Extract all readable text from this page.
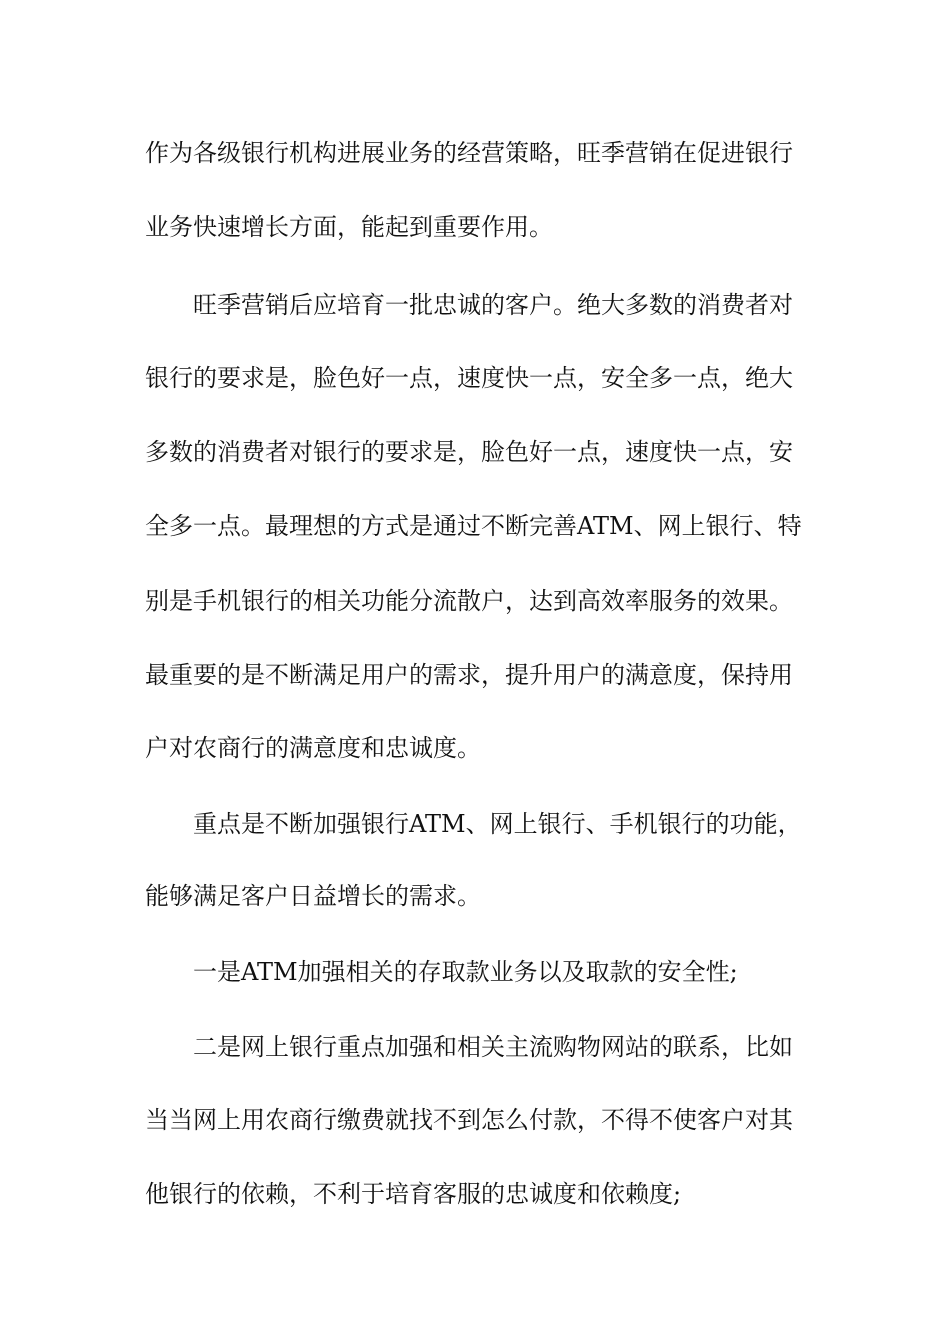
作为各级银行机构进展业务的经营策略，旺季营销在促进银行
业务快速增长方面，能起到重要作用。
旺季营销后应培育一批忠诚的客户。绝大多数的消费者对
银行的要求是，脸色好一点，速度快一点，安全多一点，绝大
多数的消费者对银行的要求是，脸色好一点，速度快一点，安
全多一点。最理想的方式是通过不断完善ATM、网上银行、特
别是手机银行的相关功能分流散户，达到高效率服务的效果。
最重要的是不断满足用户的需求，提升用户的满意度，保持用
户对农商行的满意度和忠诚度。
重点是不断加强银行ATM、网上银行、手机银行的功能，
能够满足客户日益增长的需求。
一是ATM加强相关的存取款业务以及取款的安全性;
二是网上银行重点加强和相关主流购物网站的联系，比如
当当网上用农商行缴费就找不到怎么付款，不得不使客户对其
他银行的依赖，不利于培育客服的忠诚度和依赖度;
